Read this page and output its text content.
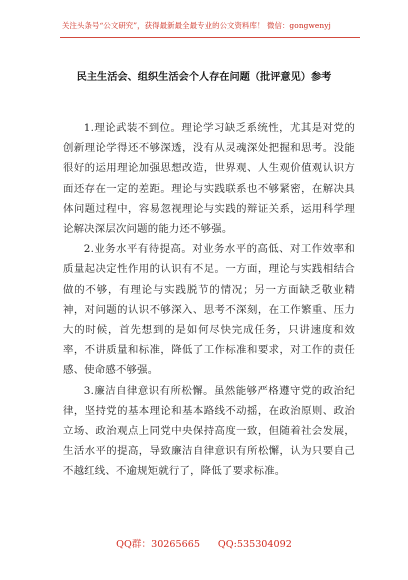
关注头条号“公文研究”，获得最新最全最专业的公文资料库！ 微信：gongwenyj
民主生活会、组织生活会个人存在问题（批评意见）参考

1.理论武装不到位。理论学习缺乏系统性，尤其是对党的创新理论学得还不够深透，没有从灵魂深处把握和思考。没能很好的运用理论加强思想改造，世界观、人生观价值观认识方面还存在一定的差距。理论与实践联系也不够紧密，在解决具体问题过程中，容易忽视理论与实践的辩证关系，运用科学理论解决深层次问题的能力还不够强。

2.业务水平有待提高。对业务水平的高低、对工作效率和质量起决定性作用的认识有不足。一方面，理论与实践相结合做的不够，有理论与实践脱节的情况；另一方面缺乏敬业精神，对问题的认识不够深入、思考不深刻，在工作繁重、压力大的时候，首先想到的是如何尽快完成任务，只讲速度和效率，不讲质量和标准，降低了工作标准和要求，对工作的责任感、使命感不够强。

3.廉洁自律意识有所松懈。虽然能够严格遵守党的政治纪律，坚持党的基本理论和基本路线不动摇，在政治原则、政治立场、政治观点上同党中央保持高度一致，但随着社会发展，生活水平的提高，导致廉洁自律意识有所松懈，认为只要自己不越红线、不逾规矩就行了，降低了要求标准。

QQ群：30265665 QQ:535304092
